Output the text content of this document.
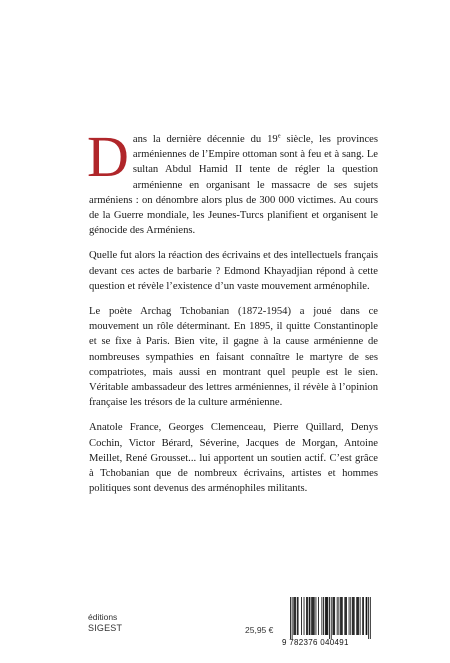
Dans la dernière décennie du 19e siècle, les provinces arméniennes de l’Empire ottoman sont à feu et à sang. Le sultan Abdul Hamid II tente de régler la question arménienne en organisant le massacre de ses sujets arméniens : on dénombre alors plus de 300 000 victimes. Au cours de la Guerre mondiale, les Jeunes-Turcs planifient et organisent le génocide des Arméniens.

Quelle fut alors la réaction des écrivains et des intellectuels français devant ces actes de barbarie ? Edmond Khayadjian répond à cette question et révèle l’existence d’un vaste mouvement arménophile.

Le poète Archag Tchobanian (1872-1954) a joué dans ce mouvement un rôle déterminant. En 1895, il quitte Constantinople et se fixe à Paris. Bien vite, il gagne à la cause arménienne de nombreuses sympathies en faisant connaître le martyre de ses compatriotes, mais aussi en montrant quel peuple est le sien. Véritable ambassadeur des lettres arméniennes, il révèle à l’opinion française les trésors de la culture arménienne.

Anatole France, Georges Clemenceau, Pierre Quillard, Denys Cochin, Victor Bérard, Séverine, Jacques de Morgan, Antoine Meillet, René Grousset... lui apportent un soutien actif. C’est grâce à Tchobanian que de nombreux écrivains, artistes et hommes politiques sont devenus des arménophiles militants.

éditions
SIGEST	25,95 €
9 782376 040491
